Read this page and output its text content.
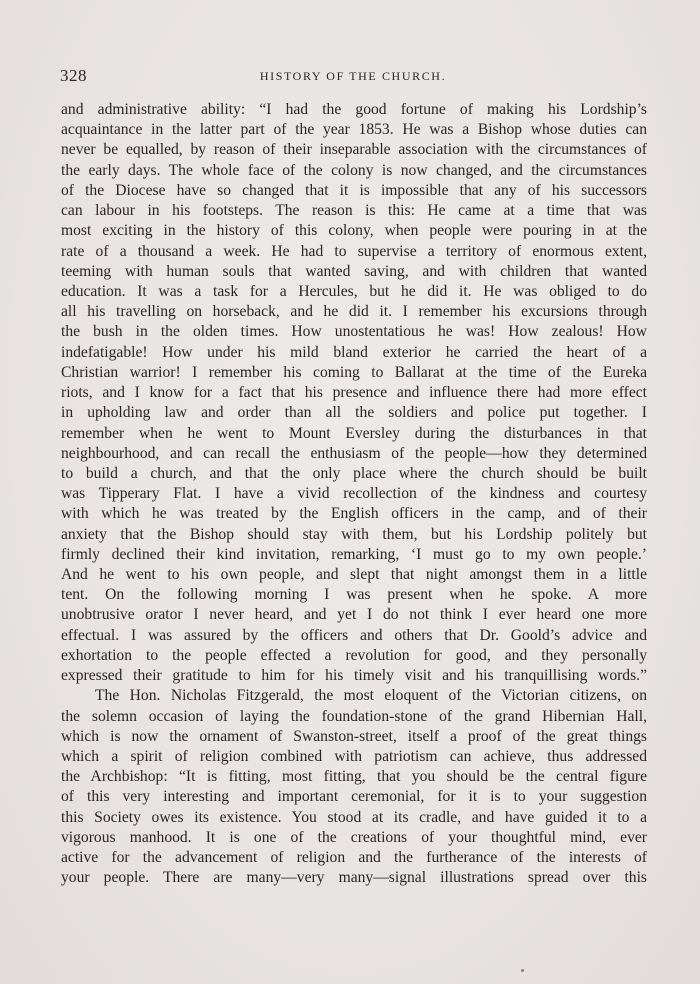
328	HISTORY OF THE CHURCH.
and administrative ability: “I had the good fortune of making his Lordship’s
acquaintance in the latter part of the year 1853. He was a Bishop whose duties can
never be equalled, by reason of their inseparable association with the circumstances of
the early days. The whole face of the colony is now changed, and the circumstances
of the Diocese have so changed that it is impossible that any of his successors
can labour in his footsteps. The reason is this: He came at a time that was
most exciting in the history of this colony, when people were pouring in at the
rate of a thousand a week. He had to supervise a territory of enormous extent,
teeming with human souls that wanted saving, and with children that wanted
education. It was a task for a Hercules, but he did it. He was obliged to do
all his travelling on horseback, and he did it. I remember his excursions through
the bush in the olden times. How unostentatious he was! How zealous! How
indefatigable! How under his mild bland exterior he carried the heart of a
Christian warrior! I remember his coming to Ballarat at the time of the Eureka
riots, and I know for a fact that his presence and influence there had more effect
in upholding law and order than all the soldiers and police put together. I
remember when he went to Mount Eversley during the disturbances in that
neighbourhood, and can recall the enthusiasm of the people—how they determined
to build a church, and that the only place where the church should be built
was Tipperary Flat. I have a vivid recollection of the kindness and courtesy
with which he was treated by the English officers in the camp, and of their
anxiety that the Bishop should stay with them, but his Lordship politely but
firmly declined their kind invitation, remarking, ‘I must go to my own people.’
And he went to his own people, and slept that night amongst them in a little
tent. On the following morning I was present when he spoke. A more
unobtrusive orator I never heard, and yet I do not think I ever heard one more
effectual. I was assured by the officers and others that Dr. Goold’s advice and
exhortation to the people effected a revolution for good, and they personally
expressed their gratitude to him for his timely visit and his tranquillising words.”
The Hon. Nicholas Fitzgerald, the most eloquent of the Victorian citizens, on
the solemn occasion of laying the foundation-stone of the grand Hibernian Hall,
which is now the ornament of Swanston-street, itself a proof of the great things
which a spirit of religion combined with patriotism can achieve, thus addressed
the Archbishop: “It is fitting, most fitting, that you should be the central figure
of this very interesting and important ceremonial, for it is to your suggestion
this Society owes its existence. You stood at its cradle, and have guided it to a
vigorous manhood. It is one of the creations of your thoughtful mind, ever
active for the advancement of religion and the furtherance of the interests of
your people. There are many—very many—signal illustrations spread over this
